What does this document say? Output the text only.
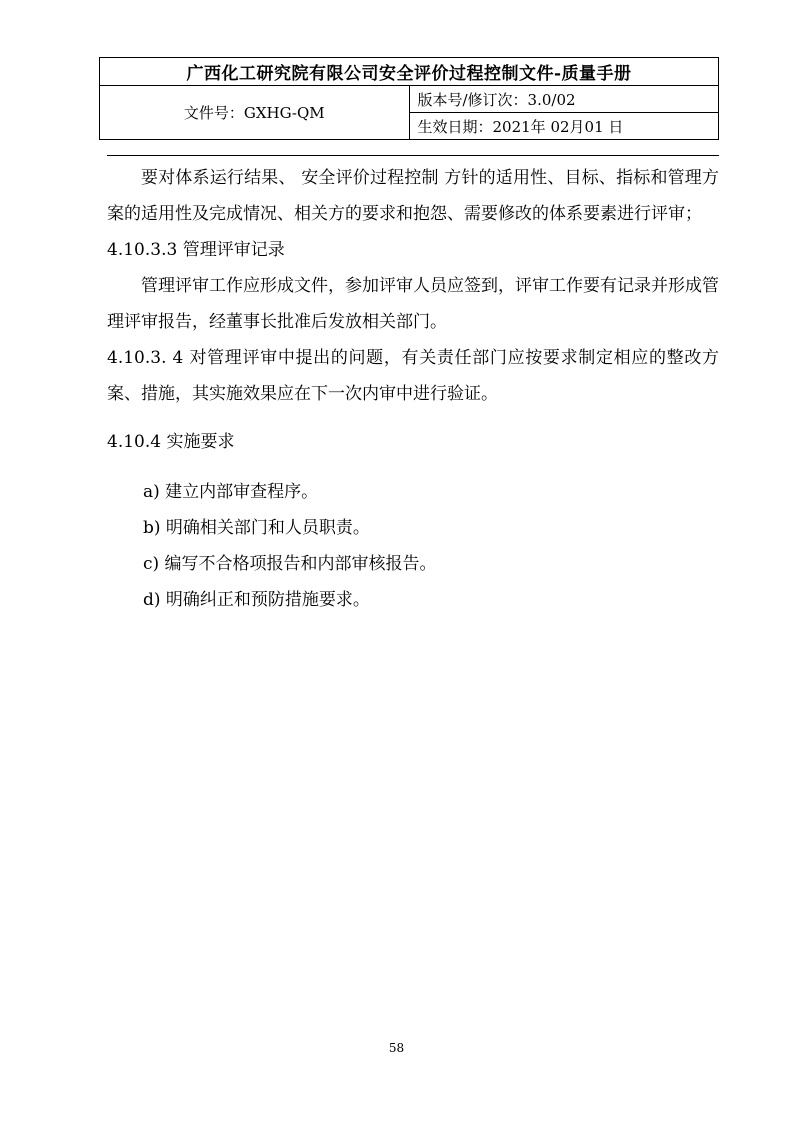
广西化工研究院有限公司安全评价过程控制文件-质量手册
文件号：GXHG-QM	版本号/修订次：3.0/02
生效日期：2021年 02月01 日

要对体系运行结果、 安全评价过程控制 方针的适用性、目标、指标和管理方案的适用性及完成情况、相关方的要求和抱怨、需要修改的体系要素进行评审；

4.10.3.3 管理评审记录

管理评审工作应形成文件，参加评审人员应签到，评审工作要有记录并形成管理评审报告，经董事长批准后发放相关部门。

4.10.3. 4 对管理评审中提出的问题，有关责任部门应按要求制定相应的整改方案、措施，其实施效果应在下一次内审中进行验证。

4.10.4 实施要求

a) 建立内部审查程序。
b) 明确相关部门和人员职责。
c) 编写不合格项报告和内部审核报告。
d) 明确纠正和预防措施要求。
58
